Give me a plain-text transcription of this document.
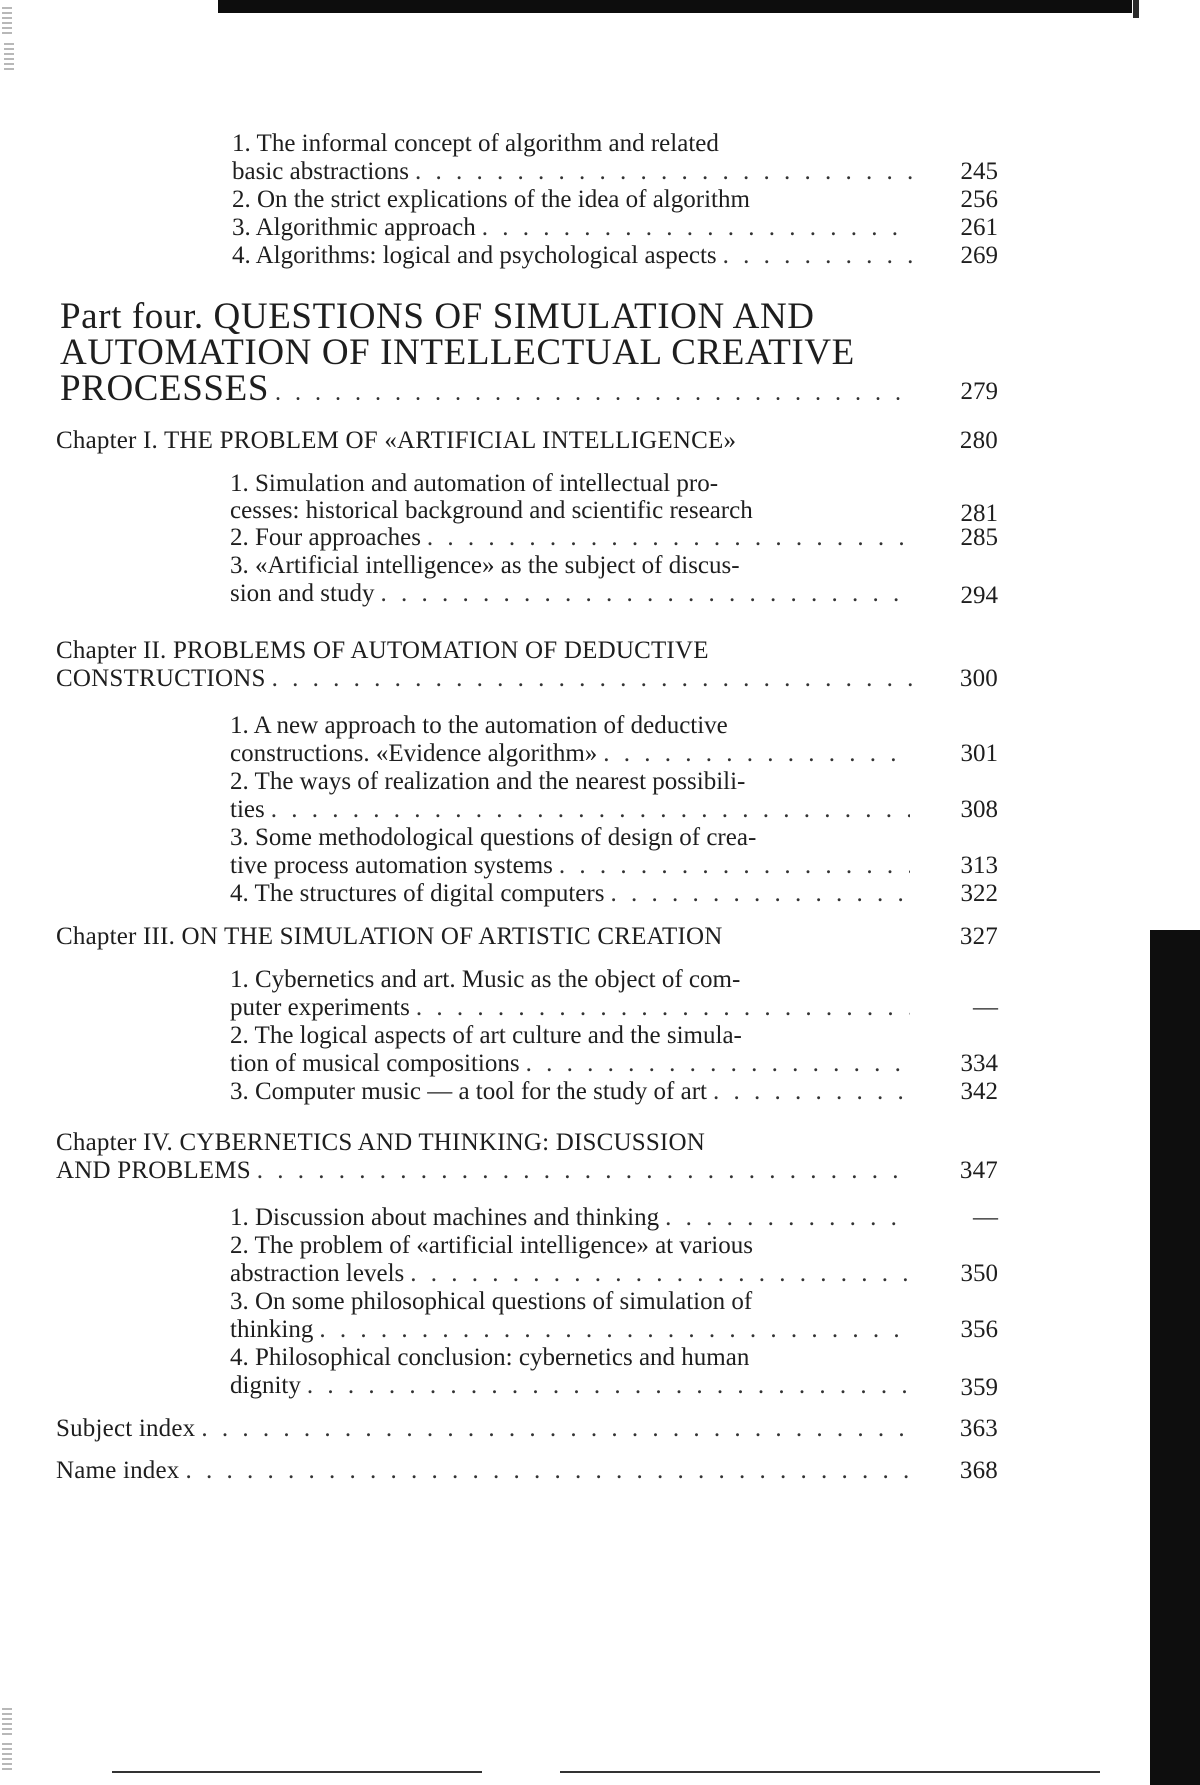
1. The informal concept of algorithm and related
basic abstractions . . .	245
2. On the strict explications of the idea of algorithm	256
3. Algorithmic approach . . .	261
4. Algorithms: logical and psychological aspects . . .	269
Part four. QUESTIONS OF SIMULATION AND
AUTOMATION OF INTELLECTUAL CREATIVE
PROCESSES . . .	279
Chapter I. THE PROBLEM OF «ARTIFICIAL INTELLIGENCE»	280
1. Simulation and automation of intellectual pro-
cesses: historical background and scientific research	281
2. Four approaches . . .	285
3. «Artificial intelligence» as the subject of discus-
sion and study . . .	294
Chapter II. PROBLEMS OF AUTOMATION OF DEDUCTIVE
CONSTRUCTIONS . . .	300
1. A new approach to the automation of deductive
constructions. «Evidence algorithm» . . .	301
2. The ways of realization and the nearest possibili-
ties . . .	308
3. Some methodological questions of design of crea-
tive process automation systems . . .	313
4. The structures of digital computers . . .	322
Chapter III. ON THE SIMULATION OF ARTISTIC CREATION	327
1. Cybernetics and art. Music as the object of com-
puter experiments . . .	—
2. The logical aspects of art culture and the simula-
tion of musical compositions . . .	334
3. Computer music — a tool for the study of art . . .	342
Chapter IV. CYBERNETICS AND THINKING: DISCUSSION
AND PROBLEMS . . .	347
1. Discussion about machines and thinking . . .	—
2. The problem of «artificial intelligence» at various
abstraction levels . . .	350
3. On some philosophical questions of simulation of
thinking . . .	356
4. Philosophical conclusion: cybernetics and human
dignity . . .	359
Subject index . . .	363
Name index . . .	368
